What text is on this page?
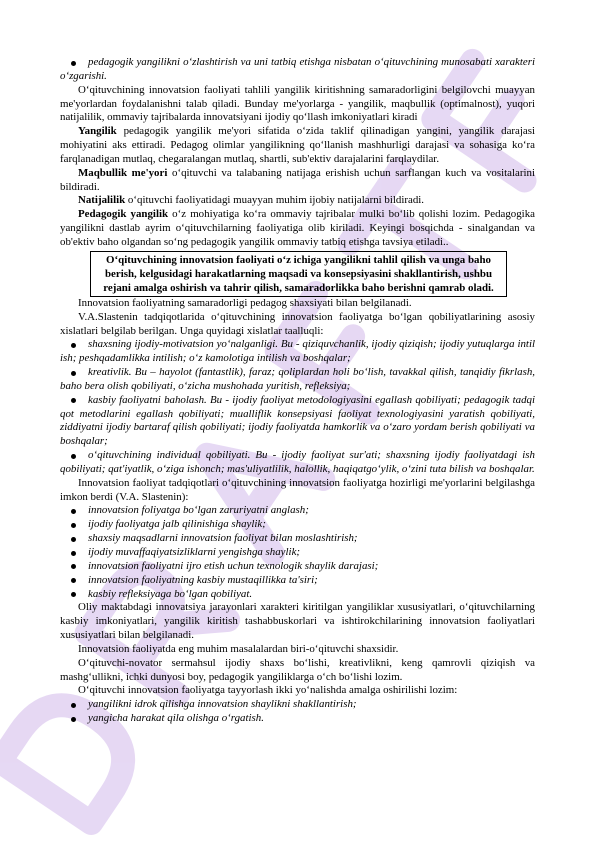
pedagogik yangilikni o‘zlashtirish va uni tatbiq etishga nisbatan o‘qituvchining munosabati xarakteri o‘zgarishi.

O‘qituvchining innovatsion faoliyati tahlili yangilik kiritishning samaradorligini belgilovchi muayyan me'yorlardan foydalanishni talab qiladi. Bunday me'yorlarga - yangilik, maqbullik (optimalnost), yuqori natijalilik, ommaviy tajribalarda innovatsiyani ijodiy qo‘llash imkoniyatlari kiradi

Yangilik pedagogik yangilik me'yori sifatida o‘zida taklif qilinadigan yangini, yangilik darajasi mohiyatini aks ettiradi. Pedagog olimlar yangilikning qo‘llanish mashhurligi darajasi va sohasiga ko‘ra farqlanadigan mutlaq, chegaralangan mutlaq, shartli, sub'ektiv darajalarini farqlaydilar.

Maqbullik me'yori o‘qituvchi va talabaning natijaga erishish uchun sarflangan kuch va vositalarini bildiradi.

Natijalilik o‘qituvchi faoliyatidagi muayyan muhim ijobiy natijalarni bildiradi.

Pedagogik yangilik o‘z mohiyatiga ko‘ra ommaviy tajribalar mulki bo‘lib qolishi lozim. Pedagogika yangilikni dastlab ayrim o‘qituvchilarning faoliyatiga olib kiriladi. Keyingi bosqichda - sinalgandan va ob'ektiv baho olgandan so‘ng pedagogik yangilik ommaviy tatbiq etishga tavsiya etiladi..

O‘qituvchining innovatsion faoliyati o‘z ichiga yangilikni tahlil qilish va unga baho berish, kelgusidagi harakatlarning maqsadi va konsepsiyasini shakllantirish, ushbu rejani amalga oshirish va tahrir qilish, samaradorlikka baho berishni qamrab oladi.

Innovatsion faoliyatning samaradorligi pedagog shaxsiyati bilan belgilanadi.

V.A.Slastenin tadqiqotlarida o‘qituvchining innovatsion faoliyatga bo‘lgan qobiliyatlarining asosiy xislatlari belgilab berilgan. Unga quyidagi xislatlar taalluqli:

shaxsning ijodiy-motivatsion yo‘nalganligi. Bu - qiziquvchanlik, ijodiy qiziqish; ijodiy yutuqlarga intil ish; peshqadamlikka intilish; o‘z kamolotiga intilish va boshqalar;

kreativlik. Bu – hayolot (fantastlik), faraz; qoliplardan holi bo‘lish, tavakkal qilish, tanqidiy fikrlash, baho bera olish qobiliyati, o‘zicha mushohada yuritish, refleksiya;

kasbiy faoliyatni baholash. Bu - ijodiy faoliyat metodologiyasini egallash qobiliyati; pedagogik tadqi qot metodlarini egallash qobiliyati; mualliflik konsepsiyasi faoliyat texnologiyasini yaratish qobiliyati, ziddiyatni ijodiy bartaraf qilish qobiliyati; ijodiy faoliyatda hamkorlik va o‘zaro yordam berish qobiliyati va boshqalar;

o‘qituvchining individual qobiliyati. Bu - ijodiy faoliyat sur'ati; shaxsning ijodiy faoliyatdagi ish qobiliyati; qat'iyatlik, o‘ziga ishonch; mas'uliyatlilik, halollik, haqiqatgo‘ylik, o‘zini tuta bilish va boshqalar.

Innovatsion faoliyat tadqiqotlari o‘qituvchining innovatsion faoliyatga hozirligi me'yorlarini belgilashga imkon berdi (V.A. Slastenin):

innovatsion foliyatga bo‘lgan zaruriyatni anglash;

ijodiy faoliyatga jalb qilinishiga shaylik;

shaxsiy maqsadlarni innovatsion faoliyat bilan moslashtirish;

ijodiy muvaffaqiyatsizliklarni yengishga shaylik;

innovatsion faoliyatni ijro etish uchun texnologik shaylik darajasi;

innovatsion faoliyatning kasbiy mustaqillikka ta'siri;

kasbiy refleksiyaga bo‘lgan qobiliyat.

Oliy maktabdagi innovatsiya jarayonlari xarakteri kiritilgan yangiliklar xususiyatlari, o‘qituvchilarning kasbiy imkoniyatlari, yangilik kiritish tashabbuskorlari va ishtirokchilarining innovatsion faoliyatlari xususiyatlari bilan belgilanadi.

Innovatsion faoliyatda eng muhim masalalardan biri-o‘qituvchi shaxsidir.

O‘qituvchi-novator sermahsul ijodiy shaxs bo‘lishi, kreativlikni, keng qamrovli qiziqish va mashg‘ullikni, ichki dunyosi boy, pedagogik yangiliklarga o‘ch bo‘lishi lozim.

O‘qituvchi innovatsion faoliyatga tayyorlash ikki yo‘nalishda amalga oshirilishi lozim:

yangilikni idrok qilishga innovatsion shaylikni shakllantirish;

yangicha harakat qila olishga o‘rgatish.
